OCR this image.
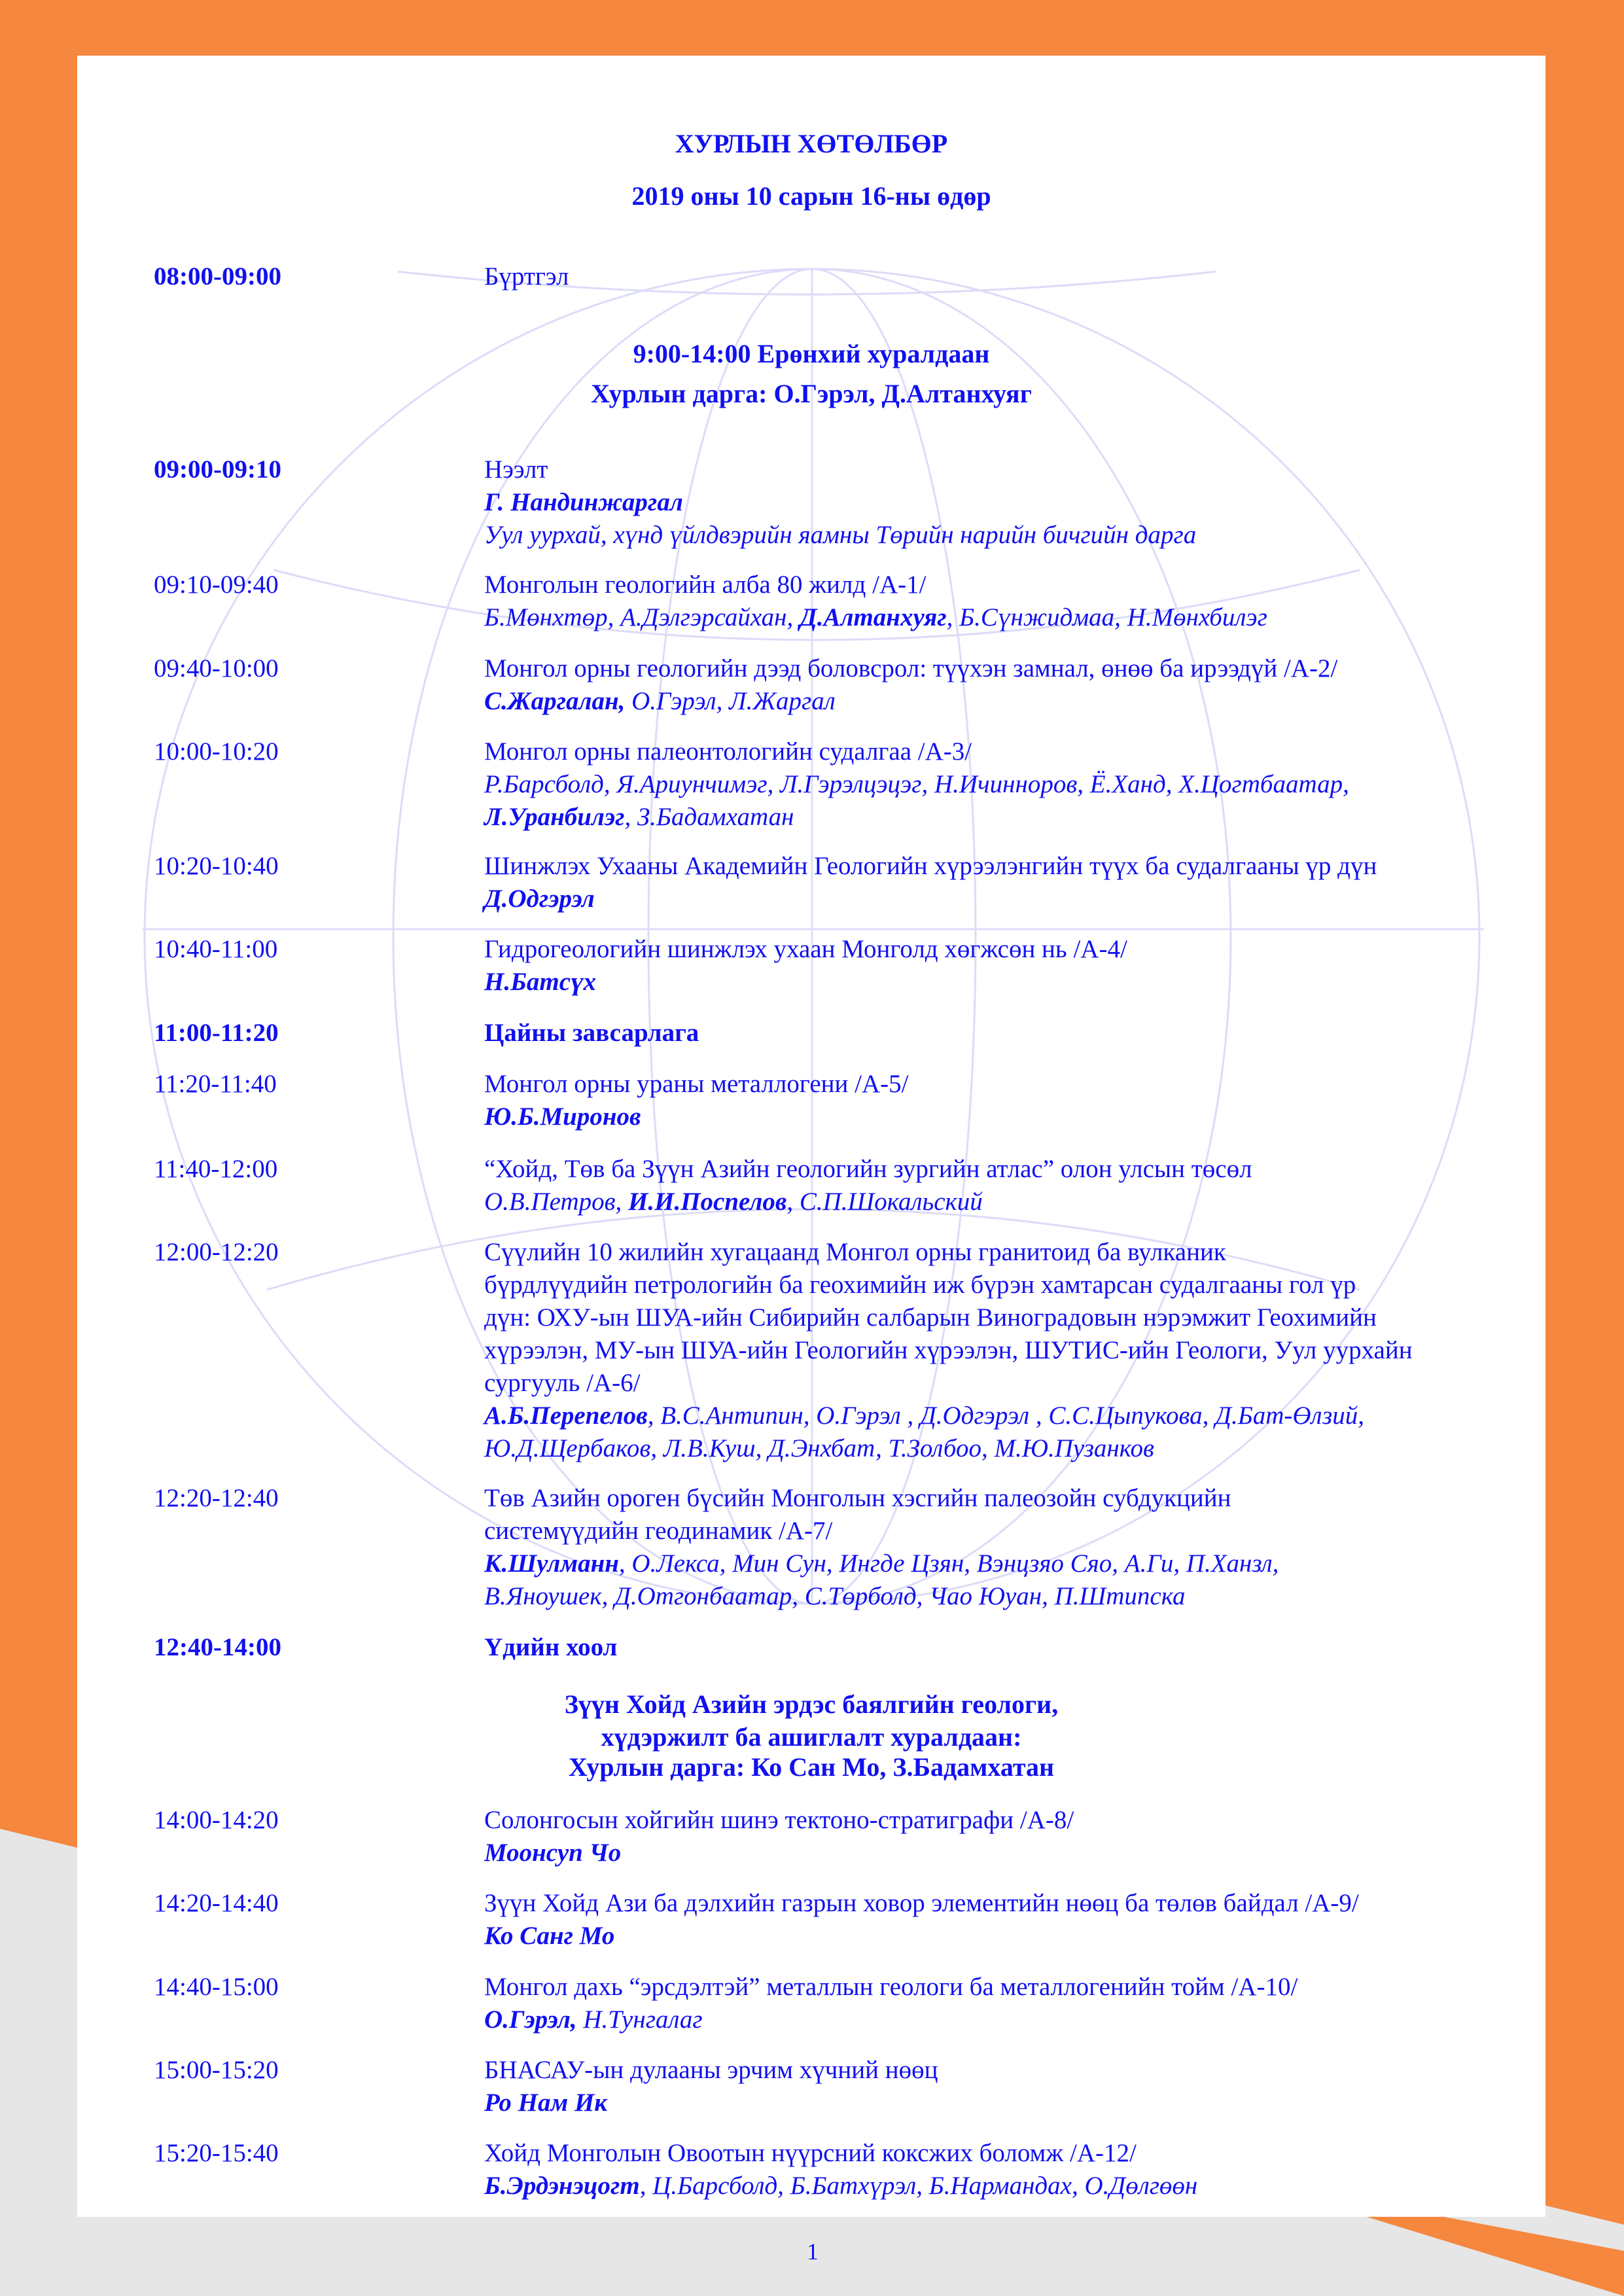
ХУРЛЫН ХӨТӨЛБӨР
2019 оны 10 сарын 16-ны өдөр
9:00-14:00 Ерөнхий хуралдаан
Хурлын дарга: О.Гэрэл, Д.Алтанхуяг
Зүүн Хойд Азийн эрдэс баялгийн геологи,
хүдэржилт ба ашиглалт хуралдаан:
Хурлын дарга: Ко Сан Мо, З.Бадамхатан
08:00-09:00	Бүртгэл
09:00-09:10	Нээлт
Г. Нандинжаргал
Уул уурхай, хүнд үйлдвэрийн яамны Төрийн нарийн бичгийн дарга
09:10-09:40	Монголын геологийн алба 80 жилд /А-1/
Б.Мөнхтөр, А.Дэлгэрсайхан, Д.Алтанхуяг, Б.Сүнжидмаа, Н.Мөнхбилэг
09:40-10:00	Монгол орны геологийн дээд боловсрол: түүхэн замнал, өнөө ба ирээдүй /А-2/
С.Жаргалан, О.Гэрэл, Л.Жаргал
10:00-10:20	Монгол орны палеонтологийн судалгаа /А-3/
Р.Барсболд, Я.Ариунчимэг, Л.Гэрэлцэцэг, Н.Ичинноров, Ё.Ханд, Х.Цогтбаатар,
Л.Уранбилэг, З.Бадамхатан
10:20-10:40	Шинжлэх Ухааны Академийн Геологийн хүрээлэнгийн түүх ба судалгааны үр дүн
Д.Одгэрэл
10:40-11:00	Гидрогеологийн шинжлэх ухаан Монголд хөгжсөн нь /А-4/
Н.Батсүх
11:00-11:20	Цайны завсарлага
11:20-11:40	Монгол орны ураны металлогени /А-5/
Ю.Б.Миронов
11:40-12:00	“Хойд, Төв ба Зүүн Азийн геологийн зургийн атлас” олон улсын төсөл
О.В.Петров, И.И.Поспелов, С.П.Шокальский
12:00-12:20	Сүүлийн 10 жилийн хугацаанд Монгол орны гранитоид ба вулканик
бүрдлүүдийн петрологийн ба геохимийн иж бүрэн хамтарсан судалгааны гол үр
дүн: ОХУ-ын ШУА-ийн Сибирийн салбарын Виноградовын нэрэмжит Геохимийн
хүрээлэн, МУ-ын ШУА-ийн Геологийн хүрээлэн, ШУТИС-ийн Геологи, Уул уурхайн
сургууль /А-6/
А.Б.Перепелов, В.С.Антипин, О.Гэрэл , Д.Одгэрэл , С.С.Цыпукова, Д.Бат-Өлзий,
Ю.Д.Щербаков, Л.В.Куш, Д.Энхбат, Т.Золбоо, М.Ю.Пузанков
12:20-12:40	Төв Азийн ороген бүсийн Монголын хэсгийн палеозойн субдукцийн
системүүдийн геодинамик /А-7/
К.Шулманн, О.Лекса, Мин Сун, Ингде Цзян, Вэнцзяо Сяо, А.Ги, П.Ханзл,
В.Яноушек, Д.Отгонбаатар, С.Төрболд, Чао Юуан, П.Штипска
12:40-14:00	Үдийн хоол
14:00-14:20	Солонгосын хойгийн шинэ тектоно-стратиграфи /А-8/
Моонсуп Чо
14:20-14:40	Зүүн Хойд Ази ба дэлхийн газрын ховор элементийн нөөц ба төлөв байдал /А-9/
Ко Санг Мо
14:40-15:00	Монгол дахь “эрсдэлтэй” металлын геологи ба металлогенийн тойм /А-10/
О.Гэрэл, Н.Тунгалаг
15:00-15:20	БНАСАУ-ын дулааны эрчим хүчний нөөц
Ро Нам Ик
15:20-15:40	Хойд Монголын Овоотын нүүрсний коксжих боломж /А-12/
Б.Эрдэнэцогт, Ц.Барсболд, Б.Батхүрэл, Б.Нармандах, О.Дөлгөөн
1
